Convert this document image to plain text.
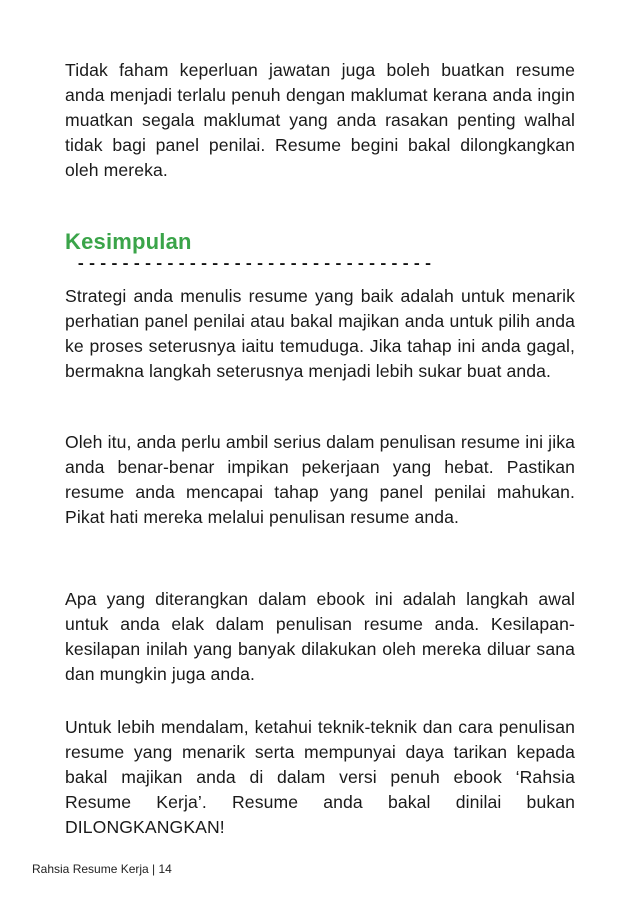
Tidak faham keperluan jawatan juga boleh buatkan resume anda menjadi terlalu penuh dengan maklumat kerana anda ingin muatkan segala maklumat yang anda rasakan penting walhal tidak bagi panel penilai. Resume begini bakal dilongkangkan oleh mereka.

Kesimpulan
--------------------------------

Strategi anda menulis resume yang baik adalah untuk menarik perhatian panel penilai atau bakal majikan anda untuk pilih anda ke proses seterusnya iaitu temuduga. Jika tahap ini anda gagal, bermakna langkah seterusnya menjadi lebih sukar buat anda.

Oleh itu, anda perlu ambil serius dalam penulisan resume ini jika anda benar-benar impikan pekerjaan yang hebat. Pastikan resume anda mencapai tahap yang panel penilai mahukan. Pikat hati mereka melalui penulisan resume anda.

Apa yang diterangkan dalam ebook ini adalah langkah awal untuk anda elak dalam penulisan resume anda. Kesilapan-kesilapan inilah yang banyak dilakukan oleh mereka diluar sana dan mungkin juga anda.

Untuk lebih mendalam, ketahui teknik-teknik dan cara penulisan resume yang menarik serta mempunyai daya tarikan kepada bakal majikan anda di dalam versi penuh ebook ‘Rahsia Resume Kerja’. Resume anda bakal dinilai bukan DILONGKANGKAN!

Rahsia Resume Kerja | 14
